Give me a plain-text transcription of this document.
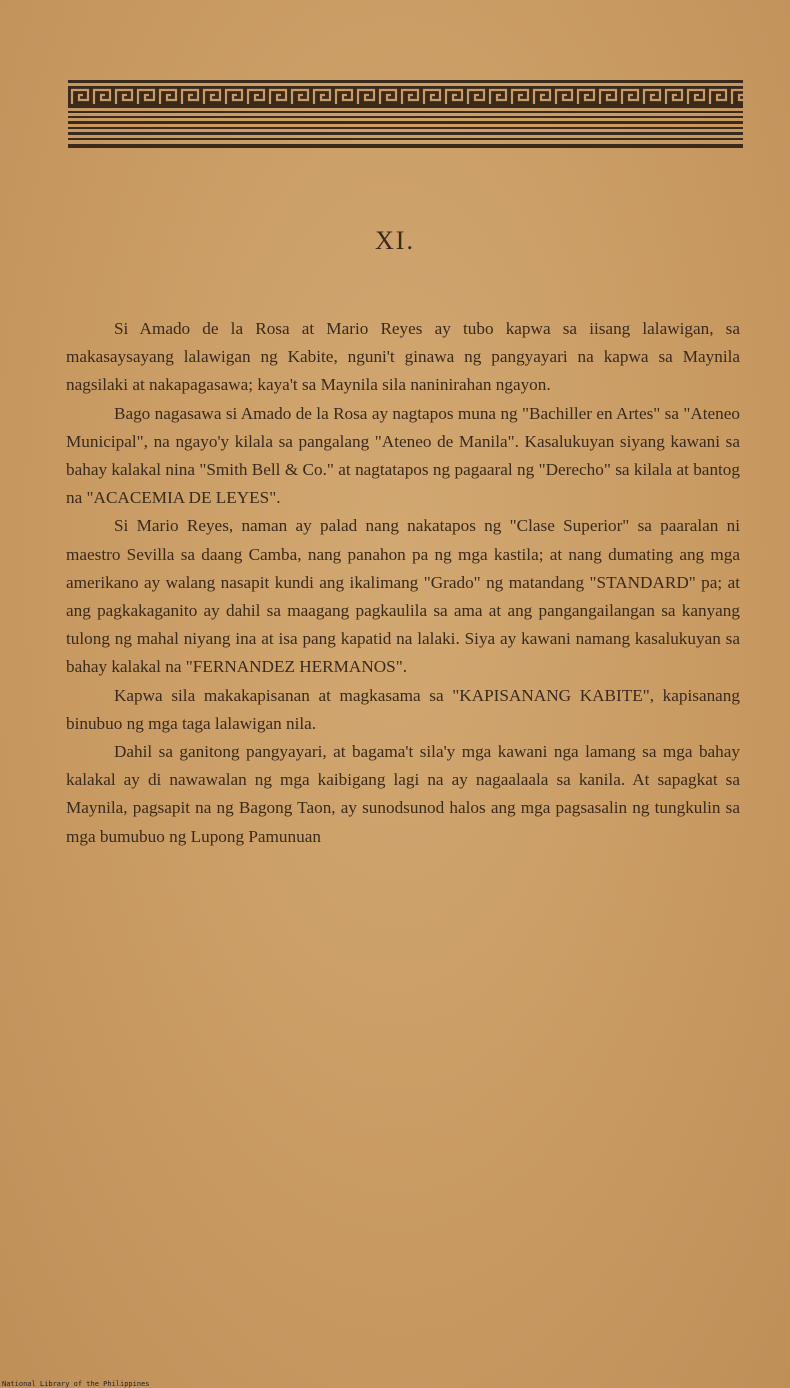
XI.

Si Amado de la Rosa at Mario Reyes ay tubo kapwa sa iisang lalawigan, sa makasaysayang lalawigan ng Kabite, nguni't ginawa ng pangyayari na kapwa sa Maynila nagsilaki at nakapagasawa; kaya't sa Maynila sila naninirahan ngayon.

Bago nagasawa si Amado de la Rosa ay nagtapos muna ng "Bachiller en Artes" sa "Ateneo Municipal", na ngayo'y kilala sa pangalang "Ateneo de Manila". Kasalukuyan siyang kawani sa bahay kalakal nina "Smith Bell & Co." at nagtatapos ng pagaaral ng "Derecho" sa kilala at bantog na "ACACEMIA DE LEYES".

Si Mario Reyes, naman ay palad nang nakatapos ng "Clase Superior" sa paaralan ni maestro Sevilla sa daang Camba, nang panahon pa ng mga kastila; at nang dumating ang mga amerikano ay walang nasapit kundi ang ikalimang "Grado" ng matandang "STANDARD" pa; at ang pagkakaganito ay dahil sa maagang pagkaulila sa ama at ang pangangailangan sa kanyang tulong ng mahal niyang ina at isa pang kapatid na lalaki. Siya ay kawani namang kasalukuyan sa bahay kalakal na "FERNANDEZ HERMANOS".

Kapwa sila makakapisanan at magkasama sa "KAPISANANG KABITE", kapisanang binubuo ng mga taga lalawigan nila.

Dahil sa ganitong pangyayari, at bagama't sila'y mga kawani nga lamang sa mga bahay kalakal ay di nawawalan ng mga kaibigang lagi na ay nagaalaala sa kanila. At sapagkat sa Maynila, pagsapit na ng Bagong Taon, ay sunodsunod halos ang mga pagsasalin ng tungkulin sa mga bumubuo ng Lupong Pamunuan

National Library of the Philippines
